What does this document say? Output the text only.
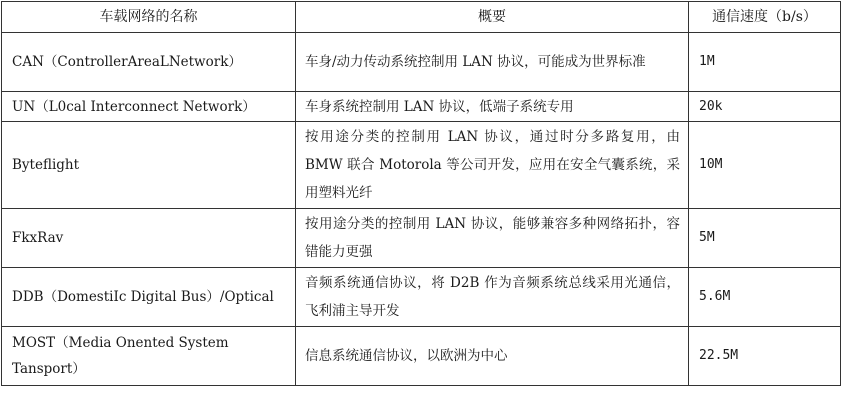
车载网络的名称	概要	通信速度（b/s）
CAN（ControllerAreaLNetwork）	车身/动力传动系统控制用 LAN 协议，可能成为世界标准	1M
UN（L0cal Interconnect Network）	车身系统控制用 LAN 协议，低端子系统专用	20k
Byteflight	按用途分类的控制用 LAN 协议，通过时分多路复用，由 BMW 联合 Motorola 等公司开发，应用在安全气囊系统，采用塑料光纤	10M
FkxRav	按用途分类的控制用 LAN 协议，能够兼容多种网络拓扑，容错能力更强	5M
DDB（DomestiIc Digital Bus）/Optical	音频系统通信协议，将 D2B 作为音频系统总线采用光通信，飞利浦主导开发	5.6M
MOST（Media Onented System Tansport）	信息系统通信协议，以欧洲为中心	22.5M
